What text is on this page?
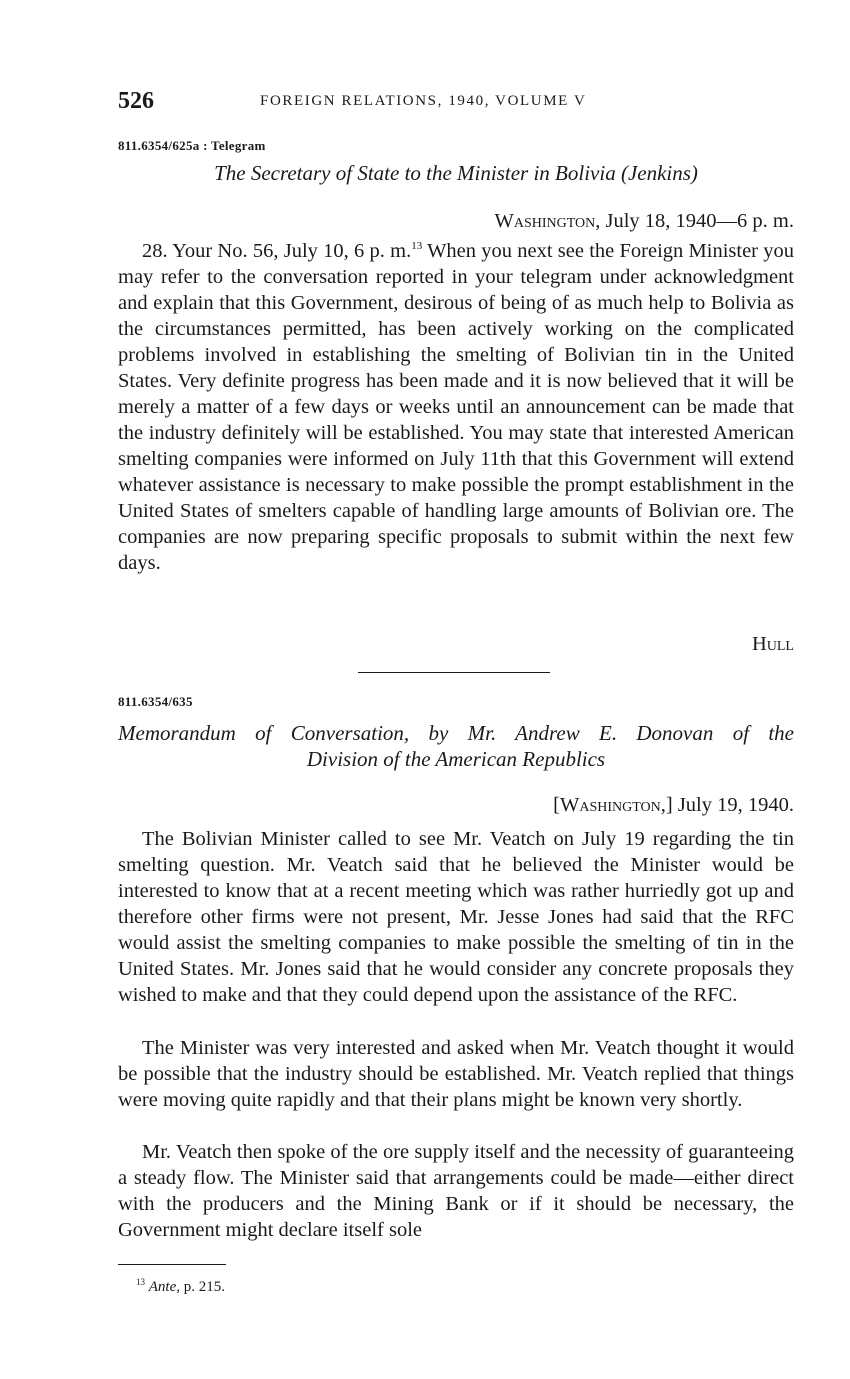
526	FOREIGN RELATIONS, 1940, VOLUME V
811.6354/625a : Telegram
The Secretary of State to the Minister in Bolivia (Jenkins)
Washington, July 18, 1940—6 p. m.
28. Your No. 56, July 10, 6 p. m.$^{13}$ When you next see the Foreign Minister you may refer to the conversation reported in your telegram under acknowledgment and explain that this Government, desirous of being of as much help to Bolivia as the circumstances permitted, has been actively working on the complicated problems involved in establishing the smelting of Bolivian tin in the United States. Very definite progress has been made and it is now believed that it will be merely a matter of a few days or weeks until an announcement can be made that the industry definitely will be established. You may state that interested American smelting companies were informed on July 11th that this Government will extend whatever assistance is necessary to make possible the prompt establishment in the United States of smelters capable of handling large amounts of Bolivian ore. The companies are now preparing specific proposals to submit within the next few days.
Hull
811.6354/635
Memorandum of Conversation, by Mr. Andrew E. Donovan of the
Division of the American Republics
[Washington,] July 19, 1940.
The Bolivian Minister called to see Mr. Veatch on July 19 regarding the tin smelting question. Mr. Veatch said that he believed the Minister would be interested to know that at a recent meeting which was rather hurriedly got up and therefore other firms were not present, Mr. Jesse Jones had said that the RFC would assist the smelting companies to make possible the smelting of tin in the United States. Mr. Jones said that he would consider any concrete proposals they wished to make and that they could depend upon the assistance of the RFC.
The Minister was very interested and asked when Mr. Veatch thought it would be possible that the industry should be established. Mr. Veatch replied that things were moving quite rapidly and that their plans might be known very shortly.
Mr. Veatch then spoke of the ore supply itself and the necessity of guaranteeing a steady flow. The Minister said that arrangements could be made—either direct with the producers and the Mining Bank or if it should be necessary, the Government might declare itself sole
$^{13}$ Ante, p. 215.
